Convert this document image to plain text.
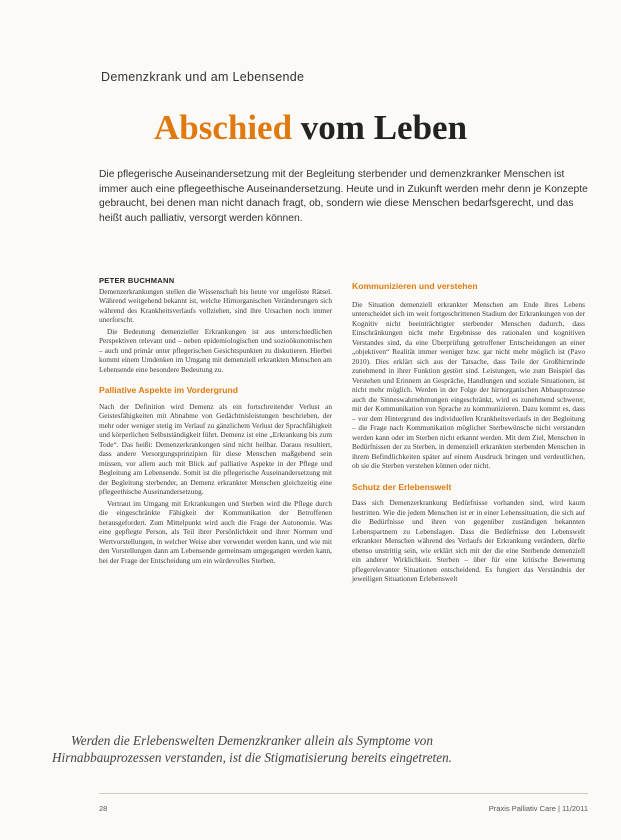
Demenzkrank und am Lebensende
Abschied vom Leben
Die pflegerische Auseinandersetzung mit der Begleitung sterbender und demenzkranker Menschen ist immer auch eine pflegeethische Auseinandersetzung. Heute und in Zukunft werden mehr denn je Konzepte gebraucht, bei denen man nicht danach fragt, ob, sondern wie diese Menschen bedarfsgerecht, und das heißt auch palliativ, versorgt werden können.
PETER BUCHMANN

Demenzerkrankungen stellen die Wissenschaft bis heute vor ungelöste Rätsel. Während weitgehend bekannt ist, welche Hirnorganischen Veränderungen sich während des Krankheitsverlaufs vollziehen, sind ihre Ursachen noch immer unerforscht.

Die Bedeutung demenzieller Erkrankungen ist aus unterschiedlichen Perspektiven relevant und – neben epidemiologischen und sozioökonomischen – auch und primär unter pflegerischen Gesichtspunkten zu diskutieren. Hierbei kommt einem Umdenken im Umgang mit demenziell erkrankten Menschen am Lebensende eine besondere Bedeutung zu.

Palliative Aspekte im Vordergrund

Nach der Definition wird Demenz als ein fortschreitender Verlust an Geistesfähigkeiten mit Abnahme von Gedächtnisleistungen beschrieben, der mehr oder weniger stetig im Verlauf zu gänzlichem Verlust der Sprachfähigkeit und körperlichen Selbstständigkeit führt. Demenz ist eine „Erkrankung bis zum Tode“. Das heißt: Demenzerkrankungen sind nicht heilbar. Daraus resultiert, dass andere Versorgungsprinzipien für diese Menschen maßgebend sein müssen, vor allem auch mit Blick auf palliative Aspekte in der Pflege und Begleitung am Lebensende. Somit ist die pflegerische Auseinandersetzung mit der Begleitung sterbender, an Demenz erkrankter Menschen gleichzeitig eine pflegeethische Auseinandersetzung.

Vertraut im Umgang mit Erkrankungen und Sterben wird die Pflege durch die eingeschränkte Fähigkeit der Kommunikation der Betroffenen herausgefordert. Zum Mittelpunkt wird auch die Frage der Autonomie. Was eine gepflegte Person, als Teil ihrer Persönlichkeit und ihrer Normen und Wertvorstellungen, in welcher Weise aber verwendet werden kann, und wie mit den Vorstellungen dann am Lebensende gemeinsam umgegangen werden kann, bei der Frage der Entscheidung um ein würdevolles Sterben.

Kommunizieren und verstehen

Die Situation demenziell erkrankter Menschen am Ende ihres Lebens unterscheidet sich im weit fortgeschrittenen Stadium der Erkrankungen von der Kognitiv nicht beeinträchtigter sterbender Menschen dadurch, dass Einschränkungen nicht mehr Ergebnisse des rationalen und kognitiven Verstandes sind, da eine Überprüfung getroffener Entscheidungen an einer „objektiven“ Realität immer weniger bzw. gar nicht mehr möglich ist (Pavo 2010). Dies erklärt sich aus der Tatsache, dass Teile der Großhirnrinde zunehmend in ihrer Funktion gestört sind. Leistungen, wie zum Beispiel das Verstehen und Erinnern an Gespräche, Handlungen und soziale Situationen, ist nicht mehr möglich. Werden in der Folge der hirnorganischen Abbauprozesse auch die Sinneswahrnehmungen eingeschränkt, wird es zunehmend schwerer, mit der Kommunikation von Sprache zu kommunizieren. Dazu kommt es, dass – vor dem Hintergrund des individuellen Krankheitsverlaufs in der Begleitung – die Frage nach Kommunikation möglicher Sterbewünsche nicht verstanden werden kann oder im Sterben nicht erkannt werden. Mit dem Ziel, Menschen in Bedürfnissen der zu Sterben, in demenziell erkrankten sterbenden Menschen in ihrem Befindlichkeiten später auf einem Ausdruck bringen und verdeutlichen, ob sie die Sterben verstehen können oder nicht.

Schutz der Erlebenswelt

Dass sich Demenzerkrankung Bedürfnisse vorhanden sind, wird kaum bestritten. Wie die jedem Menschen ist er in einer Lebenssituation, die sich auf die Bedürfnisse und ihren von gegenüber zuständigen bekannten Lebenspartnern zu Lebenslagen. Dass die Bedürfnisse den Lebenswelt erkrankter Menschen während des Verlaufs der Erkrankung verändern, dürfte ebenso unstrittig sein, wie erklärt sich mit der die eine Sterbende demenziell ein anderer Wirklichkeit. Sterben – über für eine kritische Bewertung pflegerelevanter Situationen entscheidend. Es fungiert das Verständnis der jeweiligen Situationen Erlebenswelt

Werden die Erlebenswelten Demenzkranker allein als Symptome von Hirnabbauprozessen verstanden, ist die Stigmatisierung bereits eingetreten.
28	Praxis Palliativ Care | 11/2011
